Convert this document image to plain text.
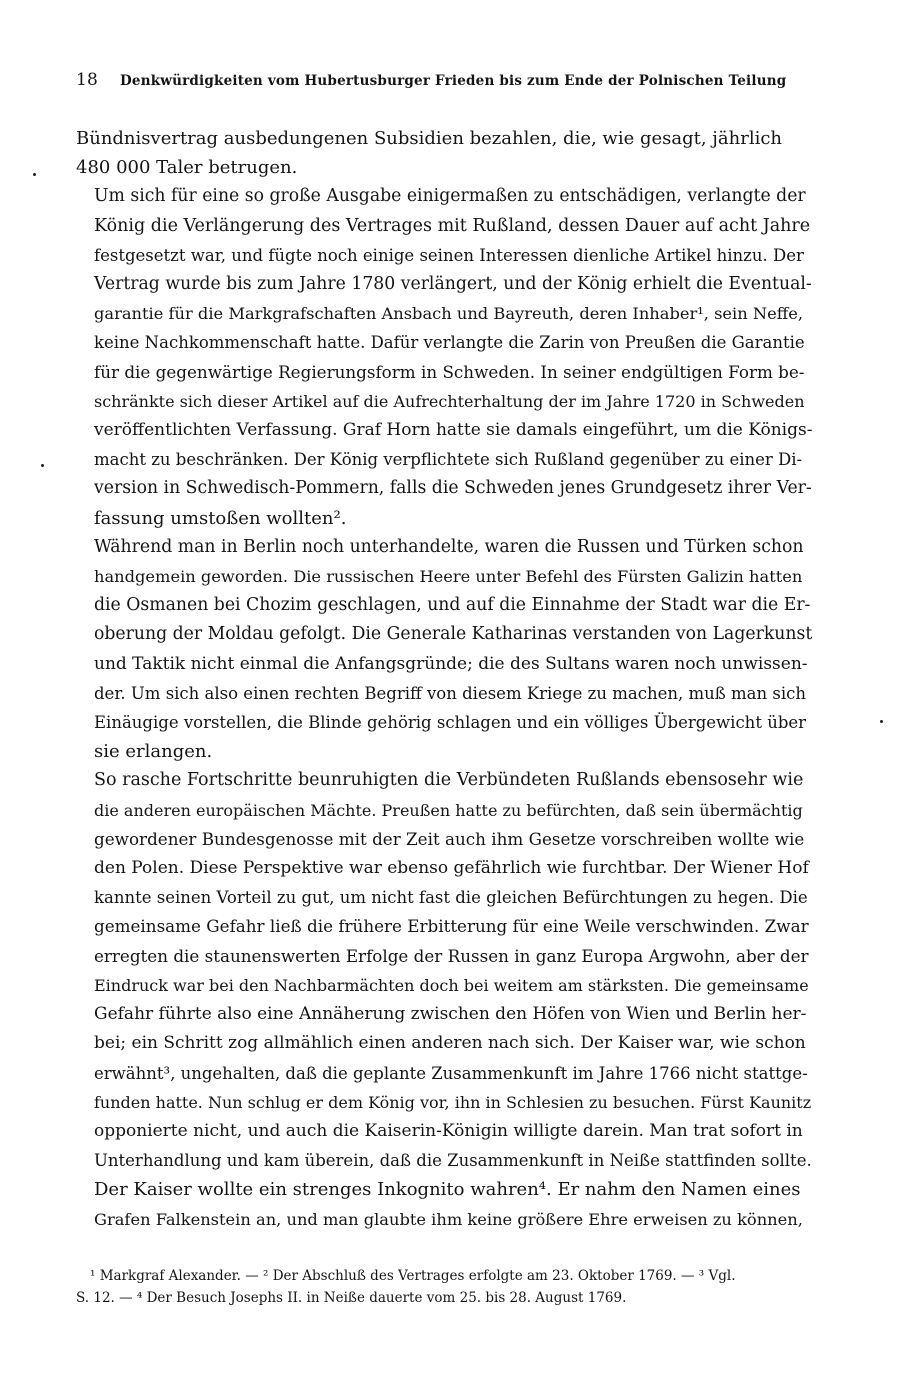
18	Denkwürdigkeiten vom Hubertusburger Frieden bis zum Ende der Polnischen Teilung

Bündnisvertrag ausbedungenen Subsidien bezahlen, die, wie gesagt, jährlich
480 000 Taler betrugen.

Um sich für eine so große Ausgabe einigermaßen zu entschädigen, verlangte der
König die Verlängerung des Vertrages mit Rußland, dessen Dauer auf acht Jahre
festgesetzt war, und fügte noch einige seinen Interessen dienliche Artikel hinzu. Der
Vertrag wurde bis zum Jahre 1780 verlängert, und der König erhielt die Eventual-
garantie für die Markgrafschaften Ansbach und Bayreuth, deren Inhaber¹, sein Neffe,
keine Nachkommenschaft hatte. Dafür verlangte die Zarin von Preußen die Garantie
für die gegenwärtige Regierungsform in Schweden. In seiner endgültigen Form be-
schränkte sich dieser Artikel auf die Aufrechterhaltung der im Jahre 1720 in Schweden
veröffentlichten Verfassung. Graf Horn hatte sie damals eingeführt, um die Königs-
macht zu beschränken. Der König verpflichtete sich Rußland gegenüber zu einer Di-
version in Schwedisch-Pommern, falls die Schweden jenes Grundgesetz ihrer Ver-
fassung umstoßen wollten².

Während man in Berlin noch unterhandelte, waren die Russen und Türken schon
handgemein geworden. Die russischen Heere unter Befehl des Fürsten Galizin hatten
die Osmanen bei Chozim geschlagen, und auf die Einnahme der Stadt war die Er-
oberung der Moldau gefolgt. Die Generale Katharinas verstanden von Lagerkunst
und Taktik nicht einmal die Anfangsgründe; die des Sultans waren noch unwissen-
der. Um sich also einen rechten Begriff von diesem Kriege zu machen, muß man sich
Einäugige vorstellen, die Blinde gehörig schlagen und ein völliges Übergewicht über
sie erlangen.

So rasche Fortschritte beunruhigten die Verbündeten Rußlands ebensosehr wie
die anderen europäischen Mächte. Preußen hatte zu befürchten, daß sein übermächtig
gewordener Bundesgenosse mit der Zeit auch ihm Gesetze vorschreiben wollte wie
den Polen. Diese Perspektive war ebenso gefährlich wie furchtbar. Der Wiener Hof
kannte seinen Vorteil zu gut, um nicht fast die gleichen Befürchtungen zu hegen. Die
gemeinsame Gefahr ließ die frühere Erbitterung für eine Weile verschwinden. Zwar
erregten die staunenswerten Erfolge der Russen in ganz Europa Argwohn, aber der
Eindruck war bei den Nachbarmächten doch bei weitem am stärksten. Die gemeinsame
Gefahr führte also eine Annäherung zwischen den Höfen von Wien und Berlin her-
bei; ein Schritt zog allmählich einen anderen nach sich. Der Kaiser war, wie schon
erwähnt³, ungehalten, daß die geplante Zusammenkunft im Jahre 1766 nicht stattge-
funden hatte. Nun schlug er dem König vor, ihn in Schlesien zu besuchen. Fürst Kaunitz
opponierte nicht, und auch die Kaiserin-Königin willigte darein. Man trat sofort in
Unterhandlung und kam überein, daß die Zusammenkunft in Neiße stattfinden sollte.

Der Kaiser wollte ein strenges Inkognito wahren⁴. Er nahm den Namen eines
Grafen Falkenstein an, und man glaubte ihm keine größere Ehre erweisen zu können,

¹ Markgraf Alexander. — ² Der Abschluß des Vertrages erfolgte am 23. Oktober 1769. — ³ Vgl.
S. 12. — ⁴ Der Besuch Josephs II. in Neiße dauerte vom 25. bis 28. August 1769.
